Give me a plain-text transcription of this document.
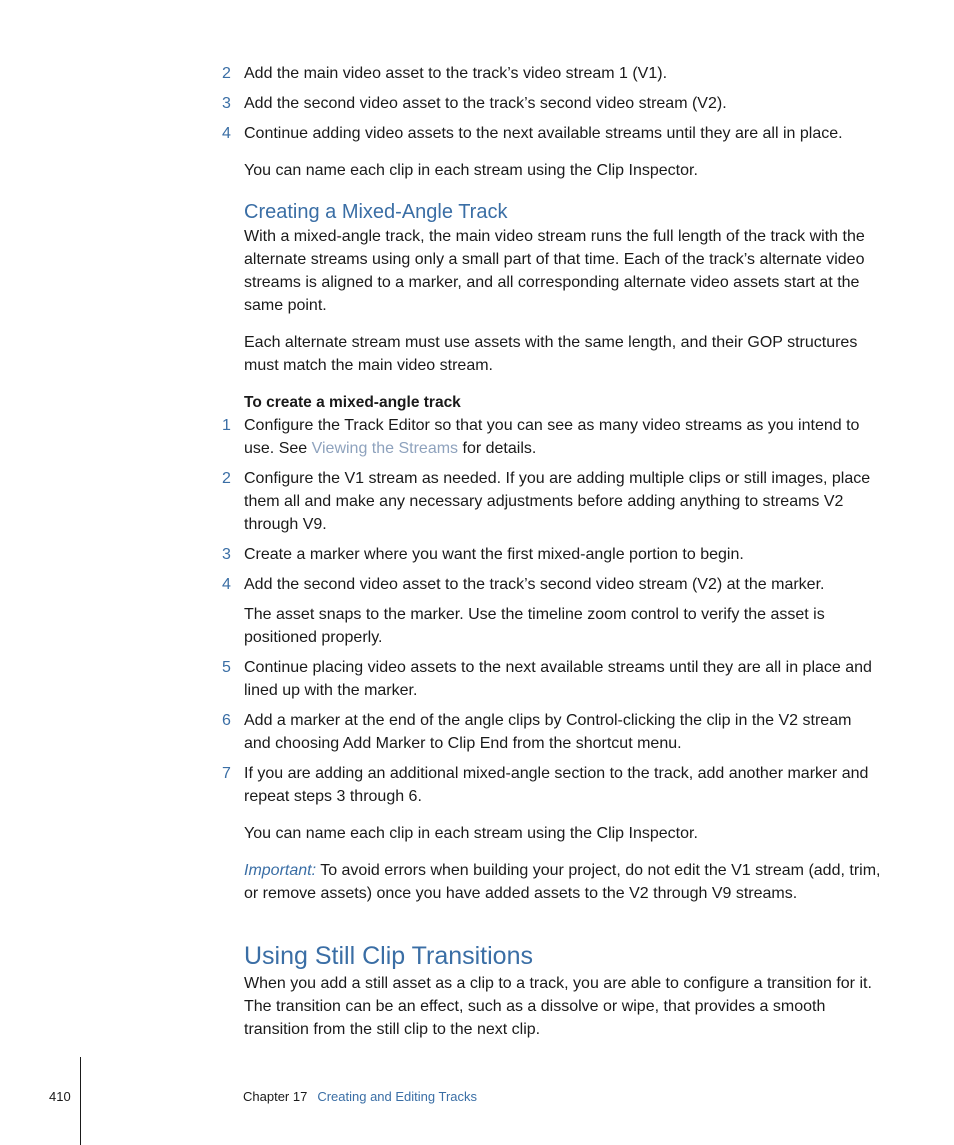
2 Add the main video asset to the track’s video stream 1 (V1).
3 Add the second video asset to the track’s second video stream (V2).
4 Continue adding video assets to the next available streams until they are all in place.
You can name each clip in each stream using the Clip Inspector.
Creating a Mixed-Angle Track
With a mixed-angle track, the main video stream runs the full length of the track with the alternate streams using only a small part of that time. Each of the track’s alternate video streams is aligned to a marker, and all corresponding alternate video assets start at the same point.
Each alternate stream must use assets with the same length, and their GOP structures must match the main video stream.
To create a mixed-angle track
1 Configure the Track Editor so that you can see as many video streams as you intend to use. See Viewing the Streams for details.
2 Configure the V1 stream as needed. If you are adding multiple clips or still images, place them all and make any necessary adjustments before adding anything to streams V2 through V9.
3 Create a marker where you want the first mixed-angle portion to begin.
4 Add the second video asset to the track’s second video stream (V2) at the marker.
The asset snaps to the marker. Use the timeline zoom control to verify the asset is positioned properly.
5 Continue placing video assets to the next available streams until they are all in place and lined up with the marker.
6 Add a marker at the end of the angle clips by Control-clicking the clip in the V2 stream and choosing Add Marker to Clip End from the shortcut menu.
7 If you are adding an additional mixed-angle section to the track, add another marker and repeat steps 3 through 6.
You can name each clip in each stream using the Clip Inspector.
Important: To avoid errors when building your project, do not edit the V1 stream (add, trim, or remove assets) once you have added assets to the V2 through V9 streams.
Using Still Clip Transitions
When you add a still asset as a clip to a track, you are able to configure a transition for it. The transition can be an effect, such as a dissolve or wipe, that provides a smooth transition from the still clip to the next clip.
410	Chapter 17 Creating and Editing Tracks
